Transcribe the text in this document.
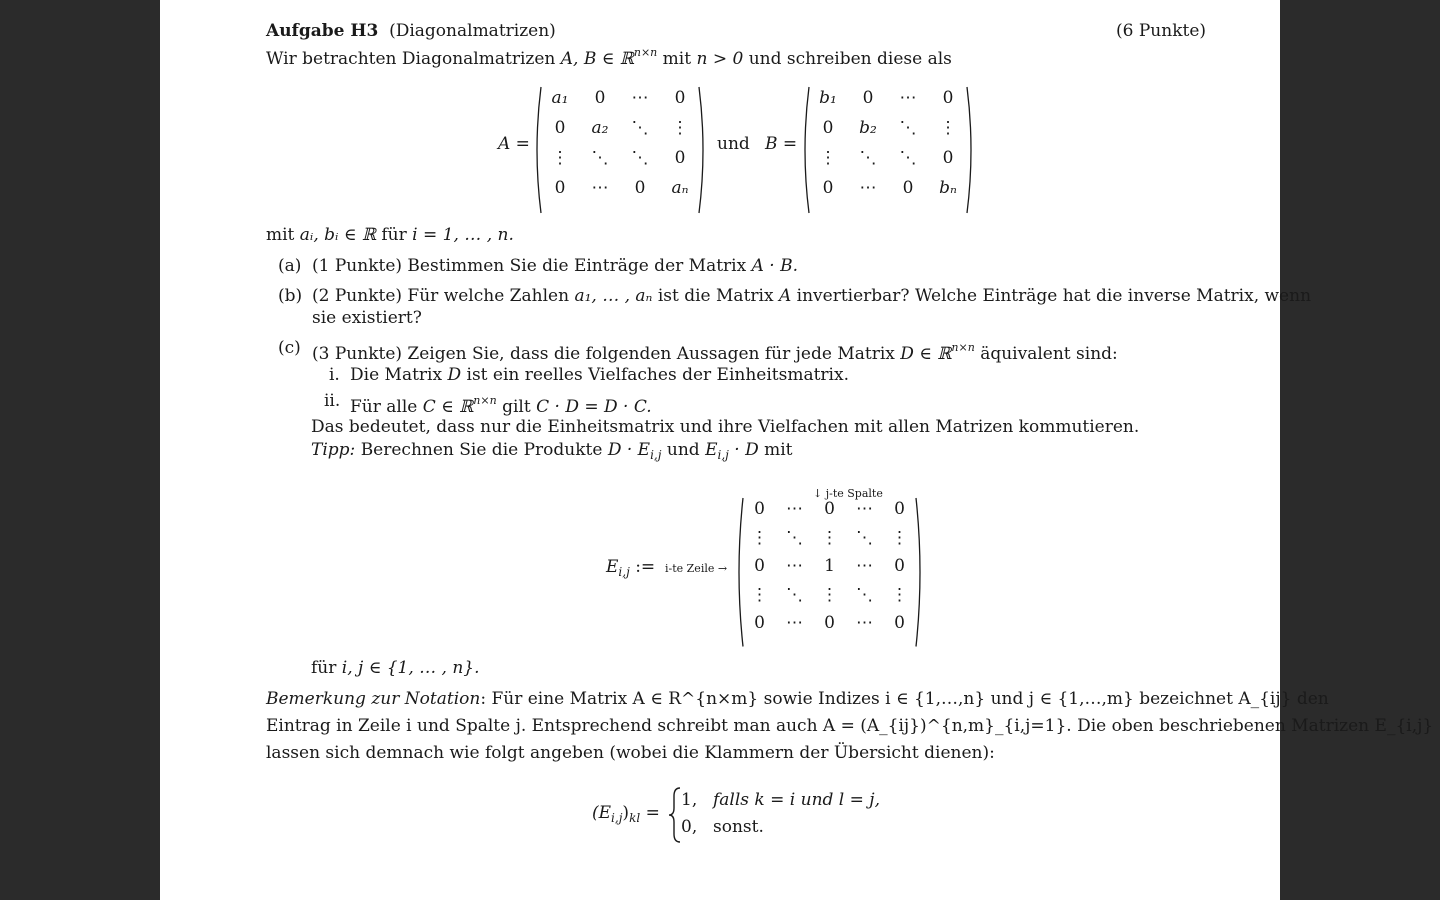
Aufgabe H3 (Diagonalmatrizen)	(6 Punkte)
Wir betrachten Diagonalmatrizen A, B ∈ ℝ$^{n\times n}$ mit n > 0 und schreiben diese als
A =
a₁	0	⋯	0
0	a₂	⋱	⋮
⋮	⋱	⋱	0
0	⋯	0	aₙ
und B =
b₁	0	⋯	0
0	b₂	⋱	⋮
⋮	⋱	⋱	0
0	⋯	0	bₙ
mit aᵢ, bᵢ ∈ ℝ für i = 1, … , n.
(a) (1 Punkte) Bestimmen Sie die Einträge der Matrix A · B.
(b) (2 Punkte) Für welche Zahlen a₁, … , aₙ ist die Matrix A invertierbar? Welche Einträge hat die inverse Matrix, wenn
sie existiert?
(c) (3 Punkte) Zeigen Sie, dass die folgenden Aussagen für jede Matrix D ∈ ℝ$^{n\times n}$ äquivalent sind:
i. Die Matrix D ist ein reelles Vielfaches der Einheitsmatrix.
ii. Für alle C ∈ ℝ$^{n\times n}$ gilt C · D = D · C.
Das bedeutet, dass nur die Einheitsmatrix und ihre Vielfachen mit allen Matrizen kommutieren.
Tipp: Berechnen Sie die Produkte $D \cdot E_{i,j}$ und $E_{i,j} \cdot D$ mit
↓ j-te Spalte
$E_{i,j}$ := i-te Zeile →
0	⋯	0	⋯	0
⋮	⋱	⋮	⋱	⋮
0	⋯	1	⋯	0
⋮	⋱	⋮	⋱	⋮
0	⋯	0	⋯	0
für i, j ∈ {1, … , n}.
Bemerkung zur Notation: Für eine Matrix A ∈ R^{n×m} sowie Indizes i ∈ {1,…,n} und j ∈ {1,…,m} bezeichnet A_{ij} den
Eintrag in Zeile i und Spalte j. Entsprechend schreibt man auch A = (A_{ij})^{n,m}_{i,j=1}. Die oben beschriebenen Matrizen E_{i,j}
lassen sich demnach wie folgt angeben (wobei die Klammern der Übersicht dienen):
$(E_{i,j})_{kl}$ =
1, falls k = i und l = j,
0, sonst.
